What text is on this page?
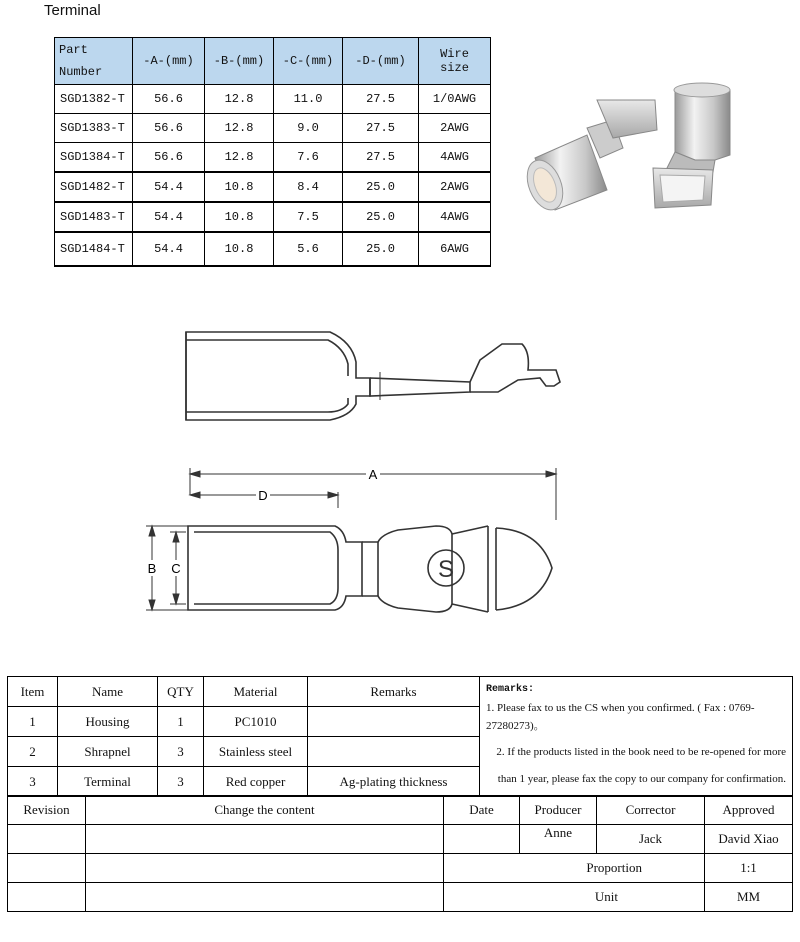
Terminal
Part
Number	-A-(mm)	-B-(mm)	-C-(mm)	-D-(mm)	Wire size
SGD1382-T	56.6	12.8	11.0	27.5	1/0AWG
SGD1383-T	56.6	12.8	9.0	27.5	2AWG
SGD1384-T	56.6	12.8	7.6	27.5	4AWG
SGD1482-T	54.4	10.8	8.4	25.0	2AWG
SGD1483-T	54.4	10.8	7.5	25.0	4AWG
SGD1484-T	54.4	10.8	5.6	25.0	6AWG
A
D
B C	S
Item	Name	QTY	Material	Remarks	Remarks:
1. Please fax to us the CS when you confirmed. ( Fax : 0769-27280273)。
2. If the products listed in the book need to be re-opened for more
than 1 year, please fax the copy to our company for confirmation.

1	Housing	1	PC1010		
2	Shrapnel	3	Stainless steel		
3	Terminal	3	Red copper	Ag-plating thickness	
Revision	Change the content	Date	Producer	Corrector	Approved
			Anne	Jack	David Xiao
		Proportion			1:1
		Unit			MM
